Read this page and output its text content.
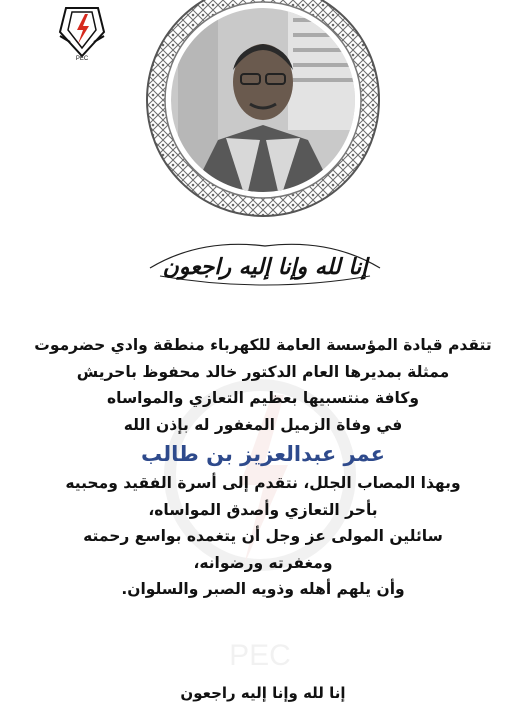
PEC
إنا لله وإنا إليه راجعون
PEC
تتقدم قيادة المؤسسة العامة للكهرباء منطقة وادي حضرموت
ممثلة بمديرها العام الدكتور خالد محفوظ باحريش
وكافة منتسبيها بعظيم التعازي والمواساه
في وفاة الزميل المغفور له بإذن الله
عمر عبدالعزيز بن طالب
وبهذا المصاب الجلل، نتقدم إلى أسرة الفقيد ومحبيه
بأحر التعازي وأصدق المواساه،
سائلين المولى عز وجل أن يتغمده بواسع رحمته
ومغفرته ورضوانه،
وأن يلهم أهله وذويه الصبر والسلوان.
إنا لله وإنا إليه راجعون
